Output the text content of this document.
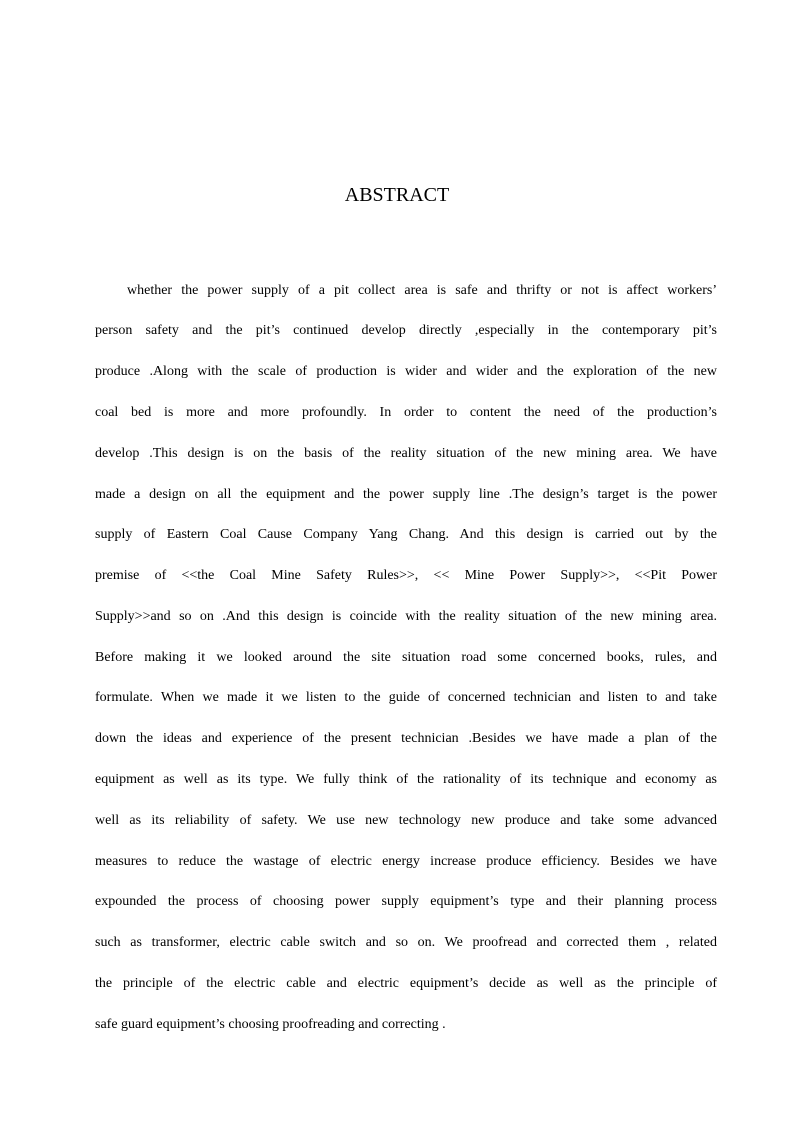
ABSTRACT
whether the power supply of a pit collect area is safe and thrifty or not is affect workers’
person safety and the pit’s continued develop directly ,especially in the contemporary pit’s
produce .Along with the scale of production is wider and wider and the exploration of the new
coal bed is more and more profoundly. In order to content the need of the production’s
develop .This design is on the basis of the reality situation of the new mining area. We have
made a design on all the equipment and the power supply line .The design’s target is the power
supply of Eastern Coal Cause Company Yang Chang. And this design is carried out by the
premise of <<the Coal Mine Safety Rules>>, << Mine Power Supply>>, <<Pit Power
Supply>>and so on .And this design is coincide with the reality situation of the new mining area.
Before making it we looked around the site situation road some concerned books, rules, and
formulate. When we made it we listen to the guide of concerned technician and listen to and take
down the ideas and experience of the present technician .Besides we have made a plan of the
equipment as well as its type. We fully think of the rationality of its technique and economy as
well as its reliability of safety. We use new technology new produce and take some advanced
measures to reduce the wastage of electric energy increase produce efficiency. Besides we have
expounded the process of choosing power supply equipment’s type and their planning process
such as transformer, electric cable switch and so on. We proofread and corrected them , related
the principle of the electric cable and electric equipment’s decide as well as the principle of
safe guard equipment’s choosing proofreading and correcting .
